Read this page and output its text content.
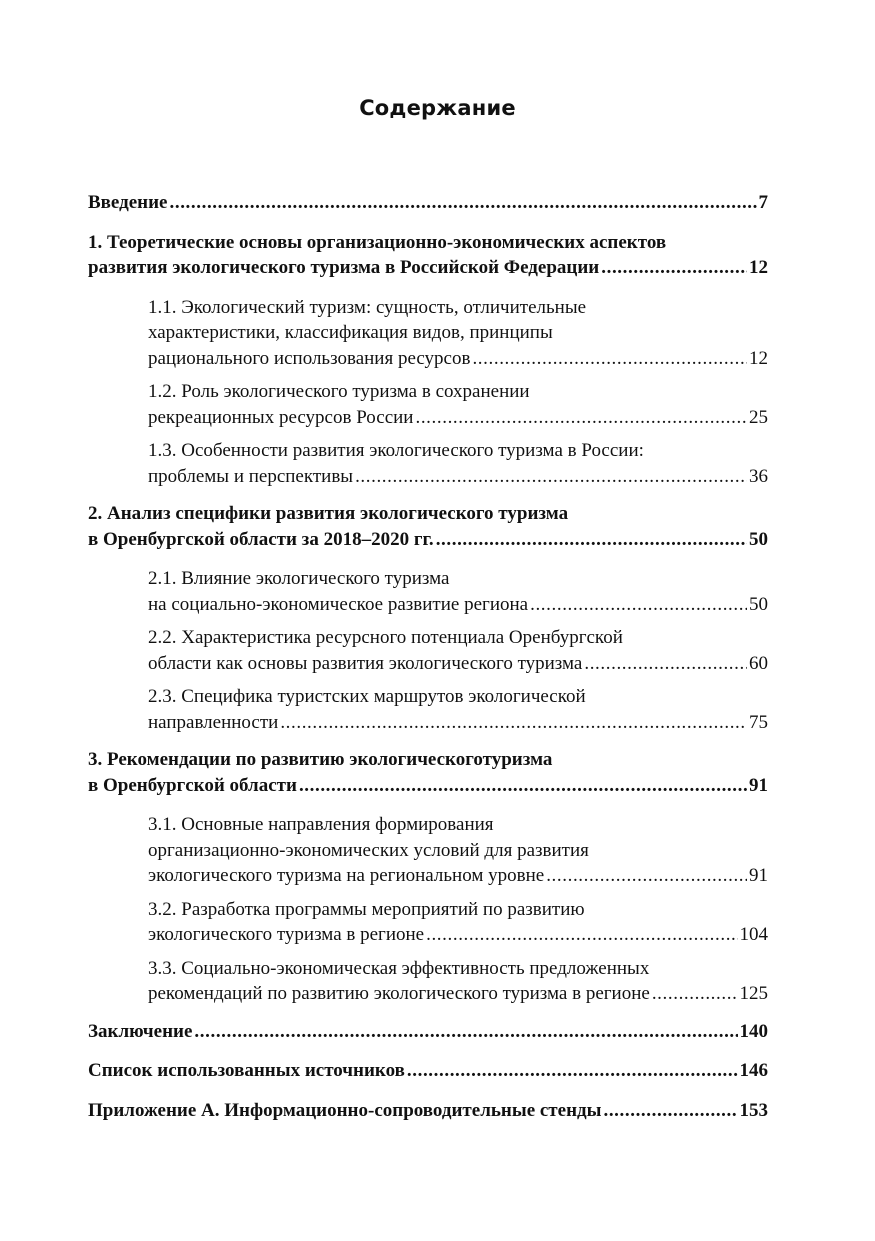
Содержание
Введение .....	7
1. Теоретические основы организационно-экономических аспектов
развития экологического туризма в Российской Федерации .....	12
1.1. Экологический туризм: сущность, отличительные
характеристики, классификация видов, принципы
рационального использования ресурсов .....	12
1.2. Роль экологического туризма в сохранении
рекреационных ресурсов России .....	25
1.3. Особенности развития экологического туризма в России:
проблемы и перспективы .....	36
2. Анализ специфики развития экологического туризма
в Оренбургской области за 2018–2020 гг. .....	50
2.1. Влияние экологического туризма
на социально-экономическое развитие региона .....	50
2.2. Характеристика ресурсного потенциала Оренбургской
области как основы развития экологического туризма .....	60
2.3. Специфика туристских маршрутов экологической
направленности .....	75
3. Рекомендации по развитию экологическоготуризма
в Оренбургской области .....	91
3.1. Основные направления формирования
организационно-экономических условий для развития
экологического туризма на региональном уровне .....	91
3.2. Разработка программы мероприятий по развитию
экологического туризма в регионе .....	104
3.3. Социально-экономическая эффективность предложенных
рекомендаций по развитию экологического туризма в регионе .....	125
Заключение .....	140
Список использованных источников .....	146
Приложение А. Информационно-сопроводительные стенды .....	153
